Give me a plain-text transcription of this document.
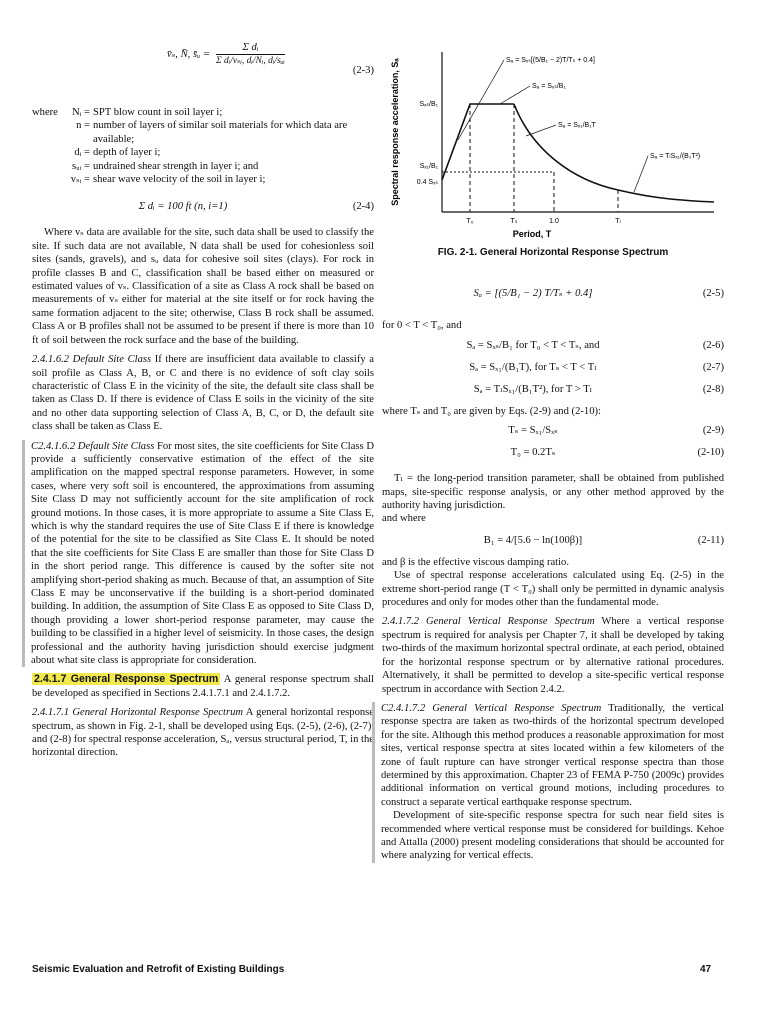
v̄ₛ, N̄, s̄ᵤ = $\frac{\text{Σ dᵢ}}{\text{Σ dᵢ/vₛᵢ, dᵢ/Nᵢ, dᵢ/sᵤᵢ}}$
(2-3)
where	Nᵢ = SPT blow count in soil layer i;
n = number of layers of similar soil materials for which data are available;
dᵢ = depth of layer i;
sᵤᵢ = undrained shear strength in layer i; and
vₛᵢ = shear wave velocity of the soil in layer i;
Σ dᵢ = 100 ft (n, i=1)	(2-4)

Where vₛ data are available for the site, such data shall be used to classify the site. If such data are not available, N data shall be used for cohesionless soil sites (sands, gravels), and sᵤ data for cohesive soil sites (clays). For rock in profile classes B and C, classification shall be based either on measured or estimated values of vₛ. Classification of a site as Class A rock shall be based on measurements of vₛ either for material at the site itself or for rock having the same formation adjacent to the site; otherwise, Class B rock shall be assumed. Class A or B profiles shall not be assumed to be present if there is more than 10 ft of soil between the rock surface and the base of the building.

2.4.1.6.2 Default Site Class If there are insufficient data available to classify a soil profile as Class A, B, or C and there is no evidence of soft clay soils characteristic of Class E in the vicinity of the site, the default site class shall be taken as Class D. If there is evidence of Class E soils in the vicinity of the site and no other data supporting selection of Class A, B, C, or D, the default site class shall be taken as Class E.

C2.4.1.6.2 Default Site Class For most sites, the site coefficients for Site Class D provide a sufficiently conservative estimation of the effect of the site amplification on the mapped spectral response parameters. However, in some cases, where very soft soil is encountered, the approximations from assuming Site Class D may not sufficiently account for the site amplification of rock ground motions. In those cases, it is more appropriate to assume a Site Class E, which is why the standard requires the use of Site Class E if there is knowledge of the potential for the site to be classified as Site Class E. It should be noted that the site coefficients for Site Class E are smaller than those for Site Class D in the short period range. This difference is caused by the softer site not amplifying short-period shaking as much. Because of that, an assumption of Site Class E may be unconservative if the building is a short-period dominated building. In addition, the assumption of Site Class E as opposed to Site Class D, though providing a lower short-period response parameter, may cause the building to be classified in a higher level of seismicity. In those cases, the design professional and the authority having jurisdiction should exercise judgment about what site class is appropriate for consideration.

2.4.1.7 General Response Spectrum A general response spectrum shall be developed as specified in Sections 2.4.1.7.1 and 2.4.1.7.2.

2.4.1.7.1 General Horizontal Response Spectrum A general horizontal response spectrum, as shown in Fig. 2-1, shall be developed using Eqs. (2-5), (2-6), (2-7), and (2-8) for spectral response acceleration, Sₐ, versus structural period, T, in the horizontal direction.

Spectral response acceleration, Sₐ	Sₓₛ/B₁
Sₓ₁/B₁
0.4 Sₓₛ
T₀	Tₛ	1.0	Tₗ
Period, T
Sₐ = Sₓₛ[(5/B₁ − 2)T/Tₛ + 0.4]
Sₐ = Sₓₛ/B₁
Sₐ = Sₓ₁/B₁T
Sₐ = TₗSₓ₁/(B₁T²)
FIG. 2-1. General Horizontal Response Spectrum
Sₐ = [(5/B₁ − 2) T/Tₛ + 0.4]	(2-5)

for 0 < T < T₀, and

Sₐ = Sₓₛ/B₁ for T₀ < T < Tₛ, and	(2-6)
Sₐ = Sₓ₁/(B₁T), for Tₛ < T < Tₗ	(2-7)
Sₐ = TₗSₓ₁/(B₁T²), for T > Tₗ	(2-8)

where Tₛ and T₀ are given by Eqs. (2-9) and (2-10):

Tₛ = Sₓ₁/Sₓₛ	(2-9)
T₀ = 0.2Tₛ	(2-10)

Tₗ = the long-period transition parameter, shall be obtained from published maps, site-specific response analysis, or any other method approved by the authority having jurisdiction.

and where

B₁ = 4/[5.6 − ln(100β)]	(2-11)

and β is the effective viscous damping ratio.

Use of spectral response accelerations calculated using Eq. (2-5) in the extreme short-period range (T < T₀) shall only be permitted in dynamic analysis procedures and only for modes other than the fundamental mode.

2.4.1.7.2 General Vertical Response Spectrum Where a vertical response spectrum is required for analysis per Chapter 7, it shall be developed by taking two-thirds of the maximum horizontal spectral ordinate, at each period, obtained for the horizontal response spectrum or by alternative rational procedures. Alternatively, it shall be permitted to develop a site-specific vertical response spectrum in accordance with Section 2.4.2.

C2.4.1.7.2 General Vertical Response Spectrum Traditionally, the vertical response spectra are taken as two-thirds of the horizontal spectrum developed for the site. Although this method produces a reasonable approximation for most sites, vertical response spectra at sites located within a few kilometers of the zone of fault rupture can have stronger vertical response spectra than those determined by this approximation. Chapter 23 of FEMA P-750 (2009c) provides additional information on vertical ground motions, including procedures to construct a separate vertical earthquake response spectrum.

Development of site-specific response spectra for such near field sites is recommended where vertical response must be considered for buildings. Kehoe and Attalla (2000) present modeling considerations that should be accounted for where analyzing for vertical effects.

Seismic Evaluation and Retrofit of Existing Buildings	47
